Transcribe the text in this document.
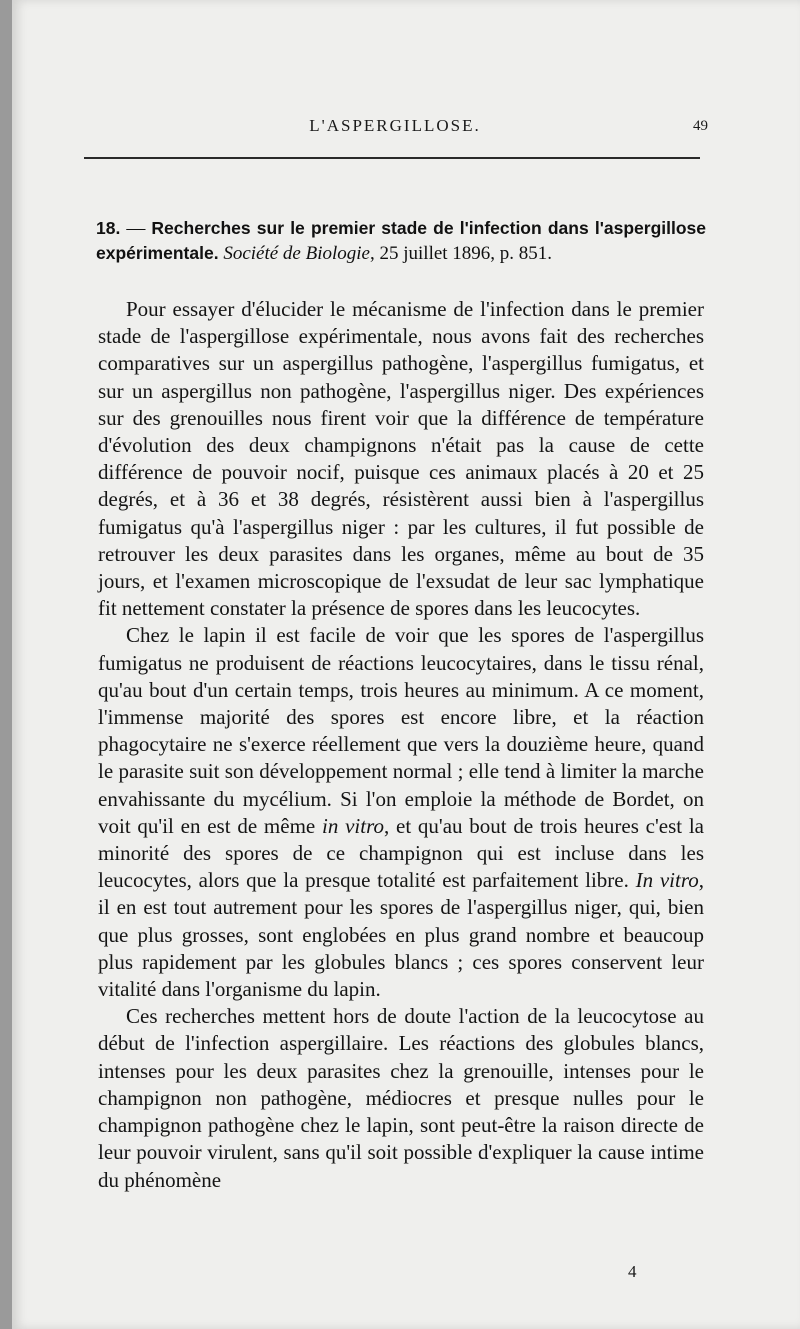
L'ASPERGILLOSE.	49
18. — Recherches sur le premier stade de l'infection dans l'aspergillose expérimentale. Société de Biologie, 25 juillet 1896, p. 851.

Pour essayer d'élucider le mécanisme de l'infection dans le premier stade de l'aspergillose expérimentale, nous avons fait des recherches comparatives sur un aspergillus pathogène, l'aspergillus fumigatus, et sur un aspergillus non pathogène, l'aspergillus niger. Des expériences sur des grenouilles nous firent voir que la différence de température d'évolution des deux champignons n'était pas la cause de cette différence de pouvoir nocif, puisque ces animaux placés à 20 et 25 degrés, et à 36 et 38 degrés, résistèrent aussi bien à l'aspergillus fumigatus qu'à l'aspergillus niger : par les cultures, il fut possible de retrouver les deux parasites dans les organes, même au bout de 35 jours, et l'examen microscopique de l'exsudat de leur sac lymphatique fit nettement constater la présence de spores dans les leucocytes.

Chez le lapin il est facile de voir que les spores de l'aspergillus fumigatus ne produisent de réactions leucocytaires, dans le tissu rénal, qu'au bout d'un certain temps, trois heures au minimum. A ce moment, l'immense majorité des spores est encore libre, et la réaction phagocytaire ne s'exerce réellement que vers la douzième heure, quand le parasite suit son développement normal ; elle tend à limiter la marche envahissante du mycélium. Si l'on emploie la méthode de Bordet, on voit qu'il en est de même in vitro, et qu'au bout de trois heures c'est la minorité des spores de ce champignon qui est incluse dans les leucocytes, alors que la presque totalité est parfaitement libre. In vitro, il en est tout autrement pour les spores de l'aspergillus niger, qui, bien que plus grosses, sont englobées en plus grand nombre et beaucoup plus rapidement par les globules blancs ; ces spores conservent leur vitalité dans l'organisme du lapin.

Ces recherches mettent hors de doute l'action de la leucocytose au début de l'infection aspergillaire. Les réactions des globules blancs, intenses pour les deux parasites chez la grenouille, intenses pour le champignon non pathogène, médiocres et presque nulles pour le champignon pathogène chez le lapin, sont peut-être la raison directe de leur pouvoir virulent, sans qu'il soit possible d'expliquer la cause intime du phénomène

4
